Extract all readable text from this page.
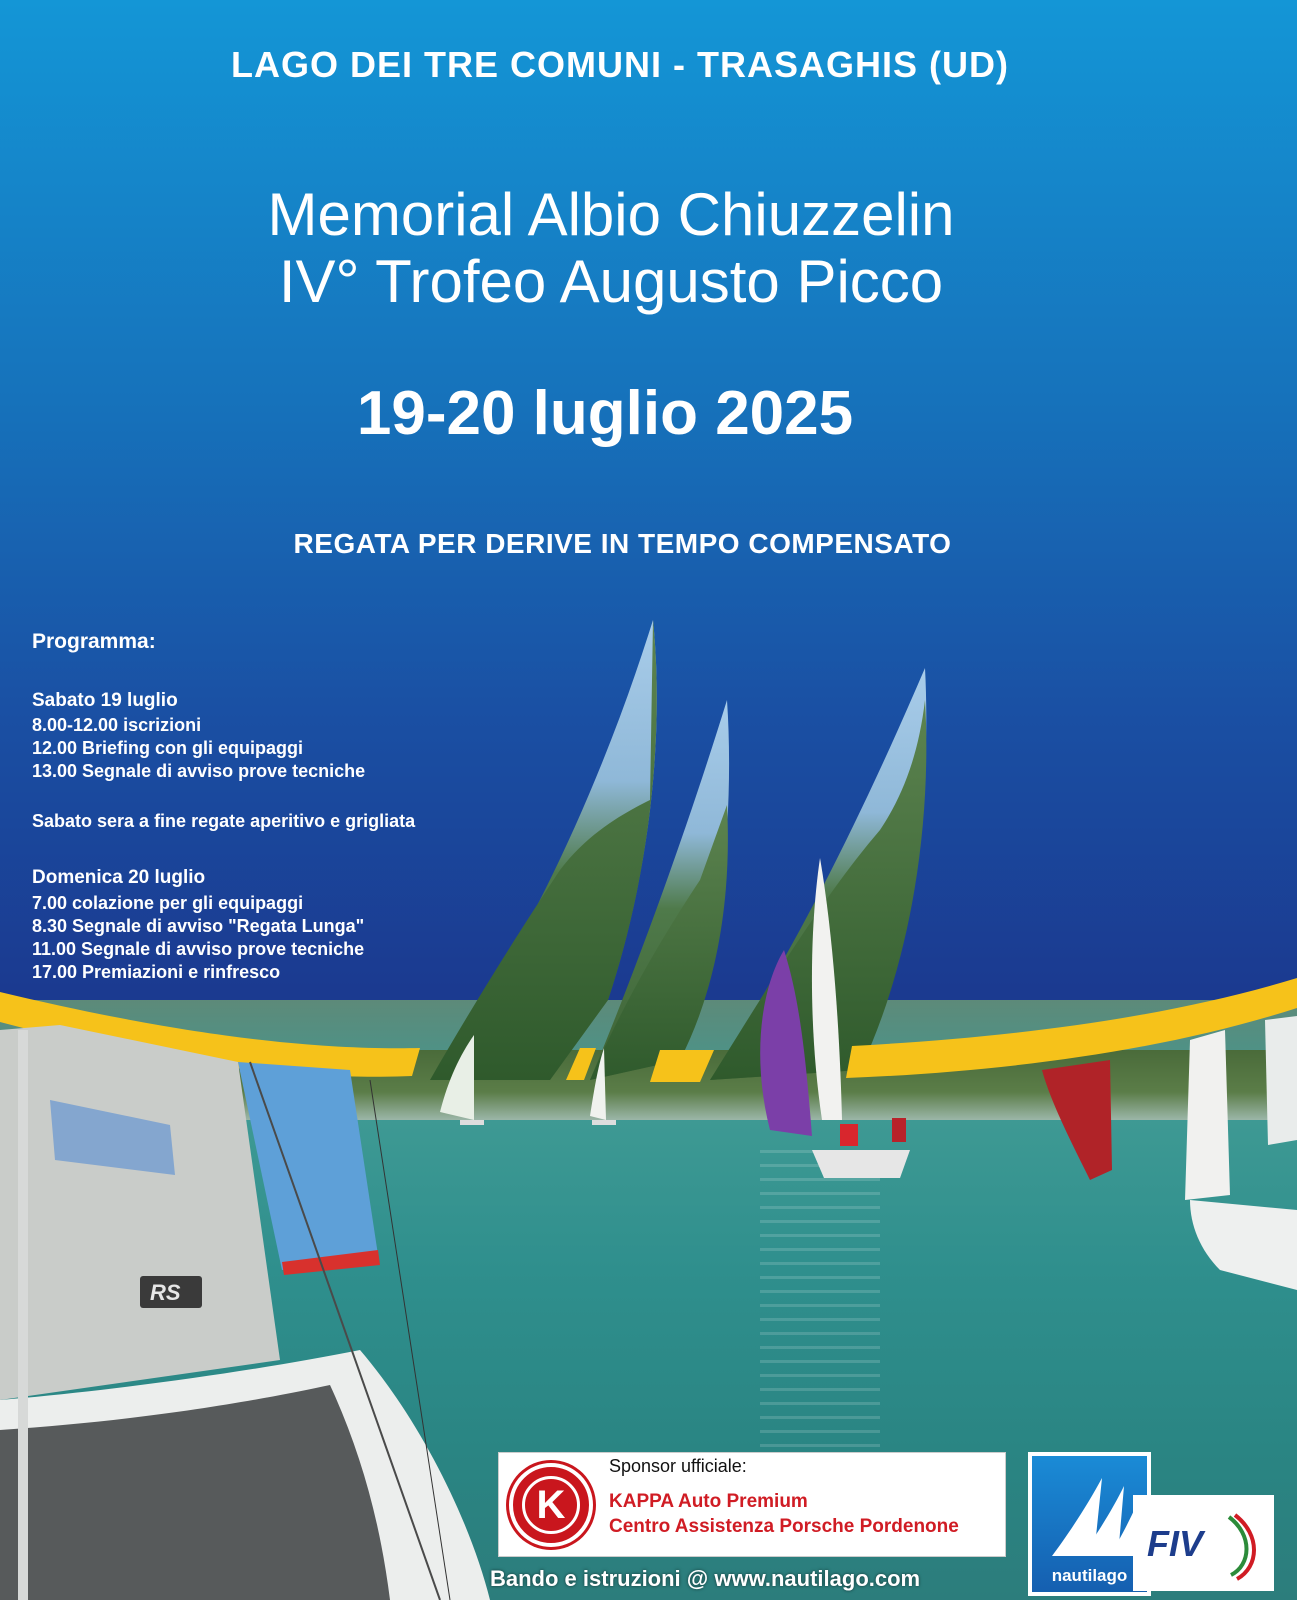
RS
LAGO DEI TRE COMUNI - TRASAGHIS (UD)
Memorial Albio Chiuzzelin
IV° Trofeo Augusto Picco
19-20 luglio 2025
REGATA PER DERIVE IN TEMPO COMPENSATO
Programma:
Sabato 19 luglio
8.00-12.00 iscrizioni
12.00 Briefing con gli equipaggi
13.00 Segnale di avviso prove tecniche
Sabato sera a fine regate aperitivo e grigliata
Domenica 20 luglio
7.00 colazione per gli equipaggi
8.30 Segnale di avviso "Regata Lunga"
11.00 Segnale di avviso prove tecniche
17.00 Premiazioni e rinfresco
Sponsor ufficiale:
K	KAPPA Auto Premium
Centro Assistenza Porsche Pordenone
Bando e istruzioni @ www.nautilago.com	nautilago
FIV
